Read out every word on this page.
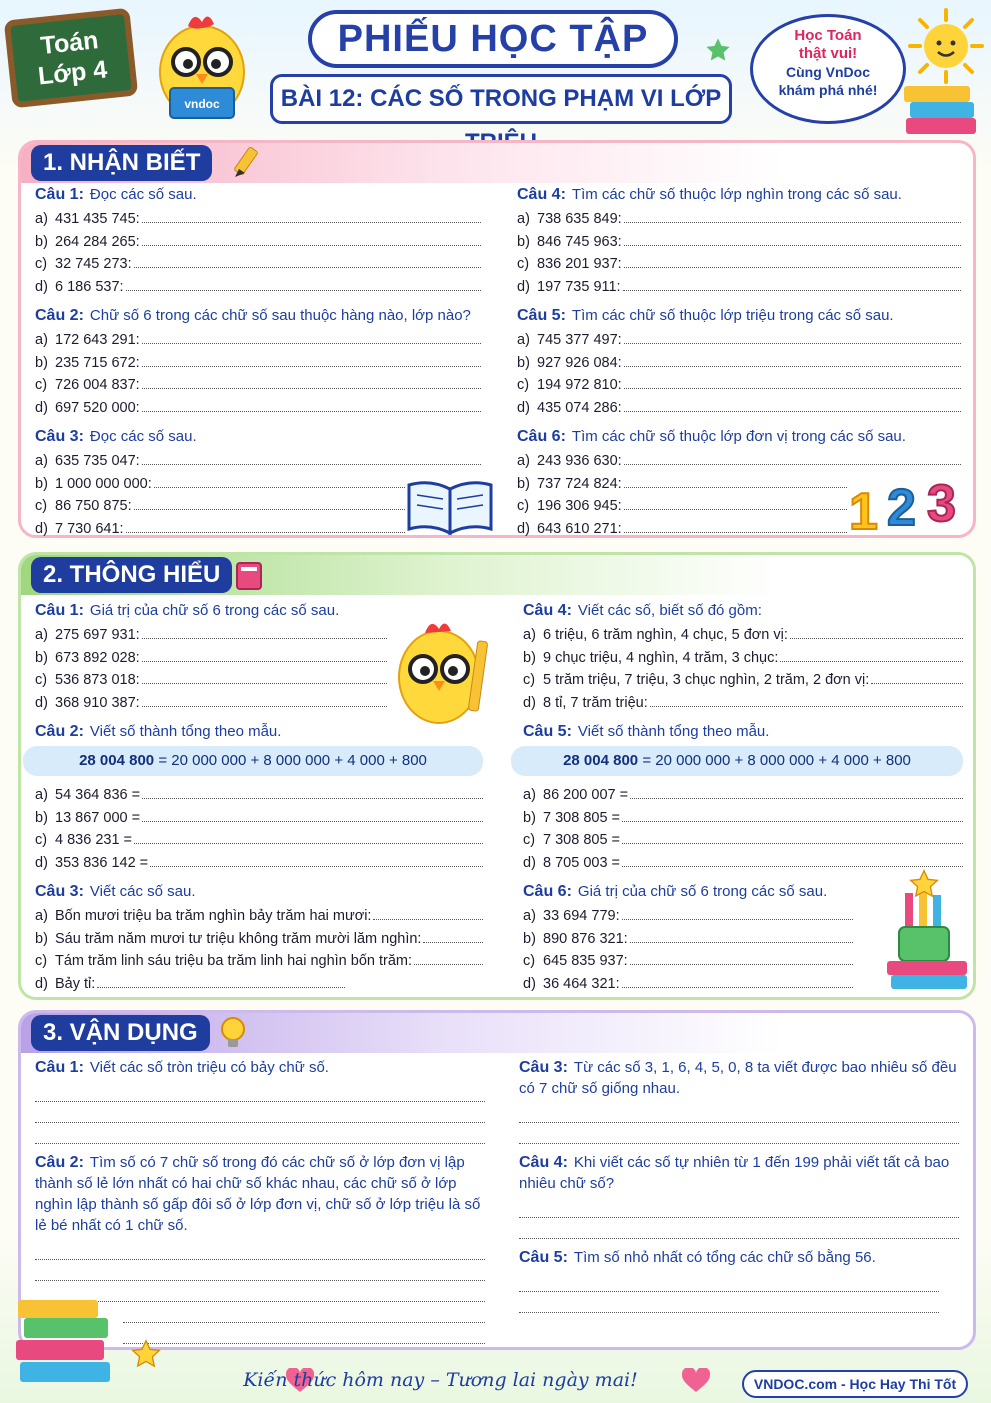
Toán
Lớp 4
vndoc
PHIẾU HỌC TẬP
BÀI 12: CÁC SỐ TRONG PHẠM VI LỚP
Học Toán
thật vui!
Cùng VnDoc
khám phá nhé!
1. NHẬN BIẾT
Câu 1: Đọc các số sau.
a) 431 435 745:
b) 264 284 265:
c) 32 745 273:
d) 6 186 537:
Câu 2: Chữ số 6 trong các chữ số sau thuộc hàng nào, lớp nào?
a) 172 643 291:
b) 235 715 672:
c) 726 004 837:
d) 697 520 000:
Câu 3: Đọc các số sau.
a) 635 735 047:
b) 1 000 000 000:
c) 86 750 875:
d) 7 730 641:
Câu 4: Tìm các chữ số thuộc lớp nghìn trong các số sau.
a) 738 635 849:
b) 846 745 963:
c) 836 201 937:
d) 197 735 911:
Câu 5: Tìm các chữ số thuộc lớp triệu trong các số sau.
a) 745 377 497:
b) 927 926 084:
c) 194 972 810:
d) 435 074 286:
Câu 6: Tìm các chữ số thuộc lớp đơn vị trong các số sau.
a) 243 936 630:
b) 737 724 824:
c) 196 306 945:
d) 643 610 271:	1 2 3
2. THÔNG HIỂU
Câu 1: Giá trị của chữ số 6 trong các số sau.
a) 275 697 931:
b) 673 892 028:
c) 536 873 018:
d) 368 910 387:
Câu 2: Viết số thành tổng theo mẫu.
28 004 800 = 20 000 000 + 8 000 000 + 4 000 + 800
a) 54 364 836 =
b) 13 867 000 =
c) 4 836 231 =
d) 353 836 142 =
Câu 3: Viết các số sau.
a) Bốn mươi triệu ba trăm nghìn bảy trăm hai mươi:
b) Sáu trăm năm mươi tư triệu không trăm mười lăm nghìn:
c) Tám trăm linh sáu triệu ba trăm linh hai nghìn bốn trăm:
d) Bảy tỉ:
Câu 4: Viết các số, biết số đó gồm:
a) 6 triệu, 6 trăm nghìn, 4 chục, 5 đơn vị:
b) 9 chục triệu, 4 nghìn, 4 trăm, 3 chục:
c) 5 trăm triệu, 7 triệu, 3 chục nghìn, 2 trăm, 2 đơn vị:
d) 8 tỉ, 7 trăm triệu:
Câu 5: Viết số thành tổng theo mẫu.
28 004 800 = 20 000 000 + 8 000 000 + 4 000 + 800
a) 86 200 007 =
b) 7 308 805 =
c) 7 308 805 =
d) 8 705 003 =
Câu 6: Giá trị của chữ số 6 trong các số sau.
a) 33 694 779:
b) 890 876 321:
c) 645 835 937:
d) 36 464 321:
3. VẬN DỤNG
Câu 1: Viết các số tròn triệu có bảy chữ số.
Câu 2: Tìm số có 7 chữ số trong đó các chữ số ở lớp đơn vị lập thành số lẻ lớn nhất có hai chữ số khác nhau, các chữ số ở lớp nghìn lập thành số gấp đôi số ở lớp đơn vị, chữ số ở lớp triệu là số lẻ bé nhất có 1 chữ số.
Câu 3: Từ các số 3, 1, 6, 4, 5, 0, 8 ta viết được bao nhiêu số đều có 7 chữ số giống nhau.
Câu 4: Khi viết các số tự nhiên từ 1 đến 199 phải viết tất cả bao nhiêu chữ số?
Câu 5: Tìm số nhỏ nhất có tổng các chữ số bằng 56.
Kiến thức hôm nay – Tương lai ngày mai!	VNDOC.com - Học Hay Thi Tốt
